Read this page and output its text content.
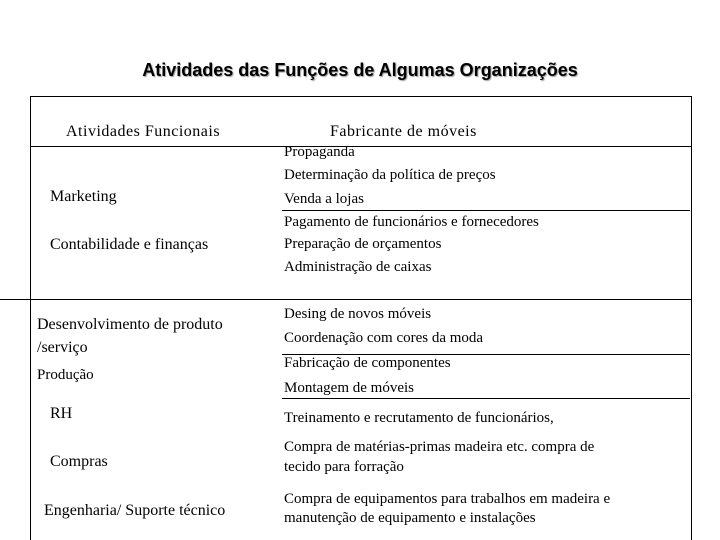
Atividades das Funções de Algumas Organizações
Atividades Funcionais	Fabricante de móveis
Marketing
Contabilidade e finanças
Desenvolvimento de produto
/serviço
Produção
RH
Compras
Engenharia/ Suporte técnico
Propaganda
Determinação da política de preços
Venda a lojas
Pagamento de funcionários e fornecedores
Preparação de orçamentos
Administração de caixas
Desing de novos móveis
Coordenação com cores da moda
Fabricação de componentes
Montagem de móveis
Treinamento e recrutamento de funcionários,
Compra de matérias-primas madeira etc. compra de
tecido para forração
Compra de equipamentos para trabalhos em madeira e
manutenção de equipamento e instalações
